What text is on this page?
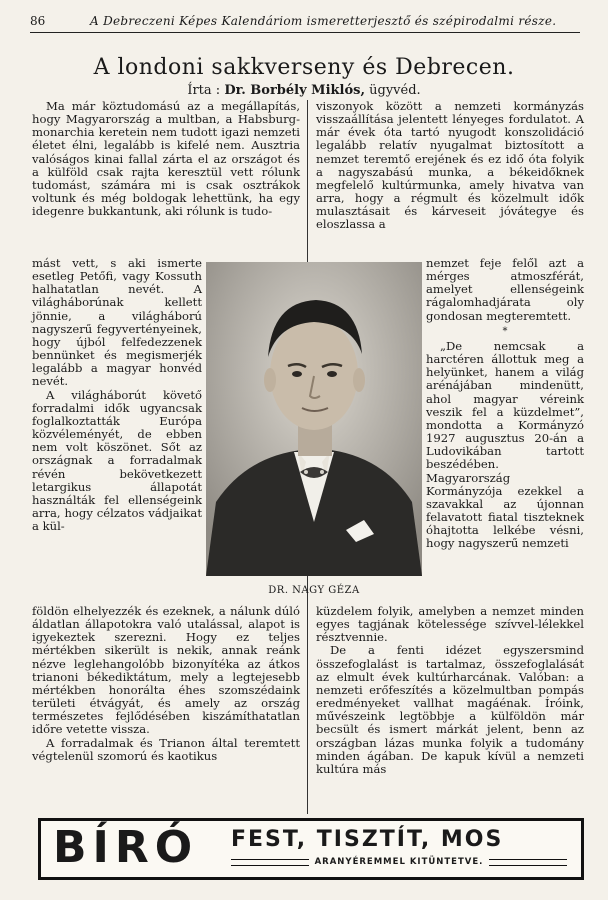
86	A Debreczeni Képes Kalendáriom ismeretterjesztő és szépirodalmi része.
A londoni sakkverseny és Debrecen.
Írta : Dr. Borbély Miklós, ügyvéd.

Ma már köztudomású az a megállapítás, hogy Magyarország a multban, a Habsburg-monarchia keretein nem tudott igazi nemzeti életet élni, legalább is kifelé nem. Ausztria valóságos kinai fallal zárta el az országot és a külföld csak rajta keresztül vett rólunk tudomást, számára mi is csak osztrákok voltunk és még boldogak lehettünk, ha egy idegenre bukkantunk, aki rólunk is tudo-

viszonyok között a nemzeti kormányzás visszaállítása jelentett lényeges fordulatot. A már évek óta tartó nyugodt konszolidáció legalább relatív nyugalmat biztosított a nemzet teremtő erejének és ez idő óta folyik a nagyszabású munka, a békeidőknek megfelelő kultúrmunka, amely hivatva van arra, hogy a régmult és közelmult idők mulasztásait és kárveseit jóvátegye és eloszlassa a

mást vett, s aki ismerte esetleg Petőfi, vagy Kossuth halhatatlan nevét. A világháborúnak kellett jönnie, a világháború nagyszerű fegyvertényeinek, hogy újból felfedezzenek bennünket és megismerjék legalább a magyar honvéd nevét.

A világháborút követő forradalmi idők ugyancsak foglalkoztatták Európa közvéleményét, de ebben nem volt köszönet. Sőt az országnak a forradalmak révén bekövetkezett letargikus állapotát használták fel ellenségeink arra, hogy célzatos vádjaikat a kül-

DR. NAGY GÉZA

nemzet feje felől azt a mérges atmoszférát, amelyet ellenségeink rágalomhadjárata oly gondosan megteremtett.

*

„De nemcsak a harctéren állottuk meg a helyünket, hanem a világ arénájában mindenütt, ahol magyar véreink veszik fel a küzdelmet”, mondotta a Kormányzó 1927 augusztus 20-án a Ludovikában tartott beszédében. Magyarország Kormányzója ezekkel a szavakkal az újonnan felavatott fiatal tiszteknek óhajtotta lelkébe vésni, hogy nagyszerű nemzeti

földön elhelyezzék és ezeknek, a nálunk dúló áldatlan állapotokra való utalással, alapot is igyekeztek szerezni. Hogy ez teljes mértékben sikerült is nekik, annak reánk nézve leglehangolóbb bizonyítéka az átkos trianoni békediktátum, mely a legtejesebb mértékben honorálta éhes szomszédaink területi étvágyát, és amely az ország természetes fejlődésében kiszámíthatatlan időre vetette vissza.

A forradalmak és Trianon által teremtett végtelenül szomorú és kaotikus

küzdelem folyik, amelyben a nemzet minden egyes tagjának kötelessége szívvel-lélekkel résztvennie.

De a fenti idézet egyszersmind összefoglalást is tartalmaz, összefoglalását az elmult évek kultúrharcának. Valóban: a nemzeti erőfeszítés a közelmultban pompás eredményeket vallhat magáénak. Íróink, művészeink legtöbbje a külföldön már becsült és ismert márkát jelent, benn az országban lázas munka folyik a tudomány minden ágában. De kapuk kívül a nemzeti kultúra más

BÍRÓ FEST, TISZTÍT, MOS
ARANYÉREMMEL KITÜNTETVE.
